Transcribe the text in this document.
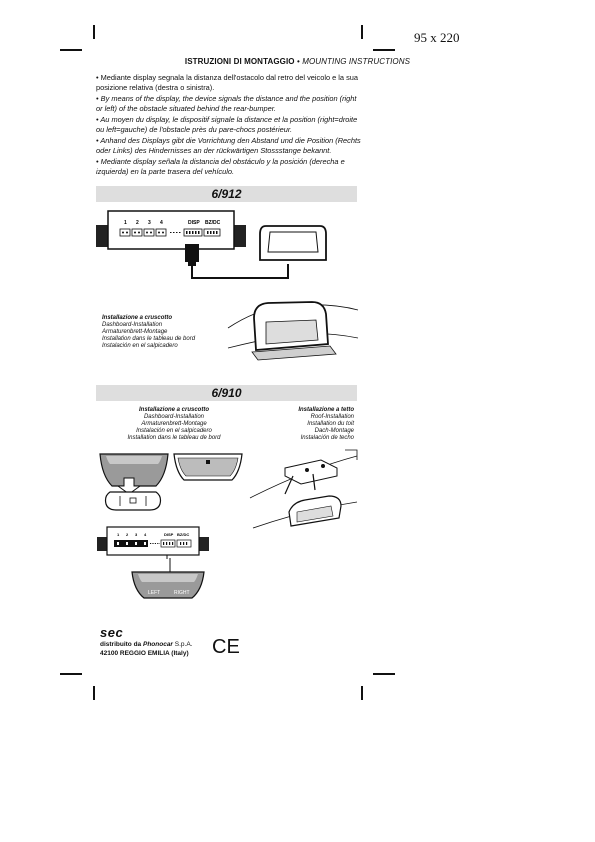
95 x 220
ISTRUZIONI DI MONTAGGIO • MOUNTING INSTRUCTIONS

• Mediante display segnala la distanza dell'ostacolo dal retro del veicolo e la sua posizione relativa (destra o sinistra).

• By means of the display, the device signals the distance and the position (right or left) of the obstacle situated behind the rear-bumper.

• Au moyen du display, le dispositif signale la distance et la position (right=droite ou left=gauche) de l'obstacle près du pare-chocs postérieur.

• Anhand des Displays gibt die Vorrichtung den Abstand und die Position (Rechts oder Links) des Hindernisses an der rückwärtigen Stossstange bekannt.

• Mediante display señala la distancia del obstáculo y la posición (derecha e izquierda) en la parte trasera del vehículo.

6/912
1 2 3 4	DISP BZ/DC
Installazione a cruscotto
Dashboard-Installation
Armaturenbrett-Montage
Installation dans le tableau de bord
Instalación en el salpicadero
6/910
Installazione a cruscotto
Dashboard-Installation
Armaturenbrett-Montage
Instalación en el salpicadero
Installation dans le tableau de bord
Installazione a tetto
Roof-Installation
Installation du toit
Dach-Montage
Instalación de techo
1 2 3 4	DISP BZ/DC
LEFT	RIGHT
sec
distribuito da Phonocar S.p.A.
42100 REGGIO EMILIA (Italy) CE
